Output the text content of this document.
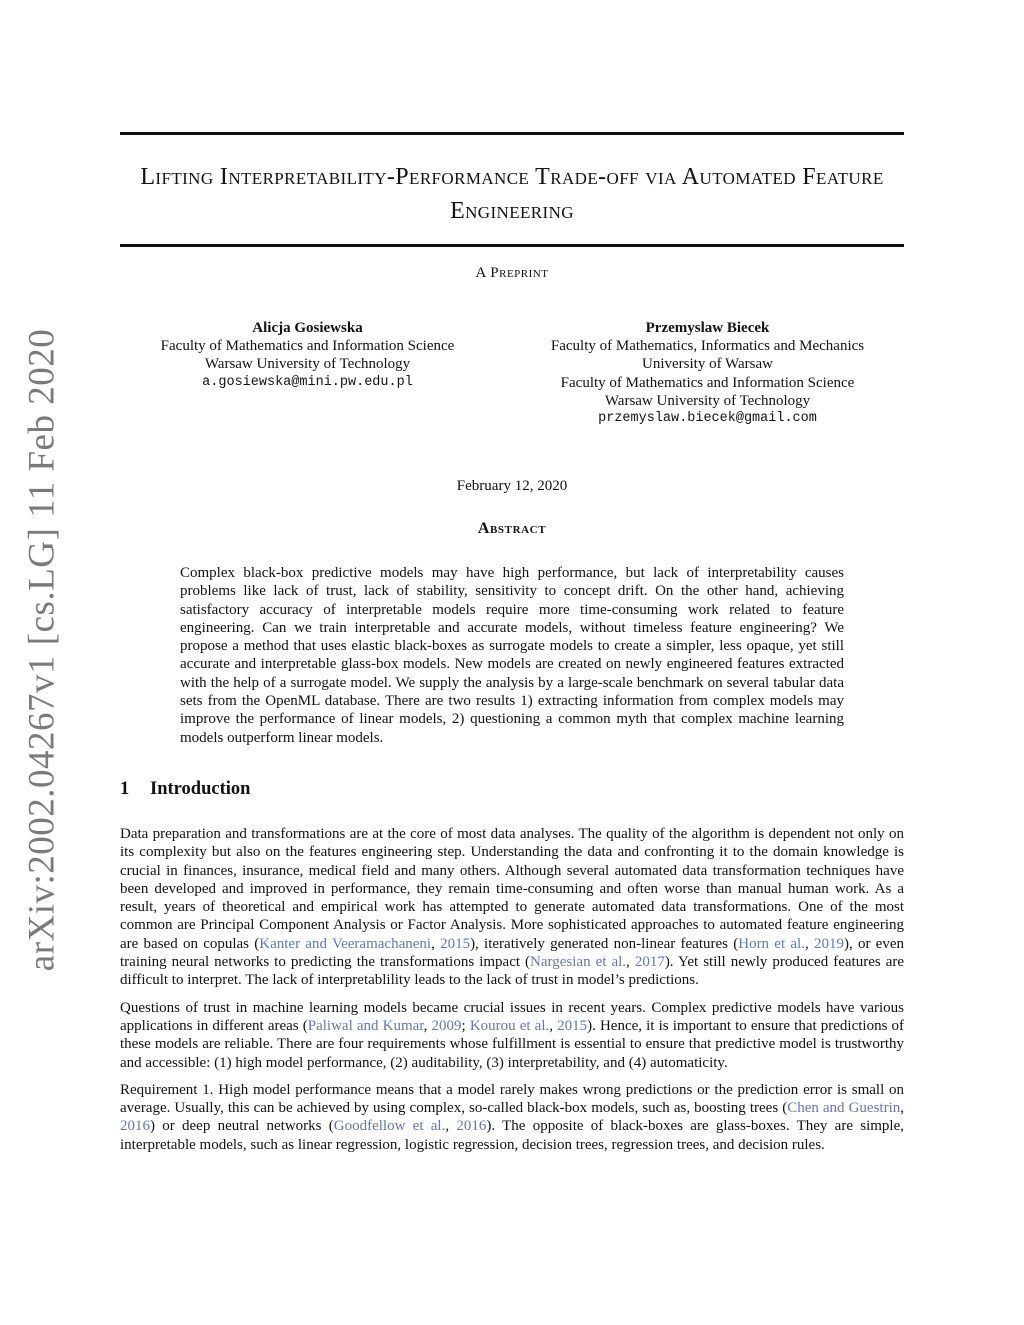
arXiv:2002.04267v1 [cs.LG] 11 Feb 2020
Lifting Interpretability-Performance Trade-off via Automated Feature Engineering
A Preprint
Alicja Gosiewska
Faculty of Mathematics and Information Science
Warsaw University of Technology
a.gosiewska@mini.pw.edu.pl
Przemyslaw Biecek
Faculty of Mathematics, Informatics and Mechanics
University of Warsaw
Faculty of Mathematics and Information Science
Warsaw University of Technology
przemyslaw.biecek@gmail.com
February 12, 2020
Abstract

Complex black-box predictive models may have high performance, but lack of interpretability causes problems like lack of trust, lack of stability, sensitivity to concept drift. On the other hand, achieving satisfactory accuracy of interpretable models require more time-consuming work related to feature engineering. Can we train interpretable and accurate models, without timeless feature engineering? We propose a method that uses elastic black-boxes as surrogate models to create a simpler, less opaque, yet still accurate and interpretable glass-box models. New models are created on newly engineered features extracted with the help of a surrogate model. We supply the analysis by a large-scale benchmark on several tabular data sets from the OpenML database. There are two results 1) extracting information from complex models may improve the performance of linear models, 2) questioning a common myth that complex machine learning models outperform linear models.

1 Introduction

Data preparation and transformations are at the core of most data analyses. The quality of the algorithm is dependent not only on its complexity but also on the features engineering step. Understanding the data and confronting it to the domain knowledge is crucial in finances, insurance, medical field and many others. Although several automated data transformation techniques have been developed and improved in performance, they remain time-consuming and often worse than manual human work. As a result, years of theoretical and empirical work has attempted to generate automated data transformations. One of the most common are Principal Component Analysis or Factor Analysis. More sophisticated approaches to automated feature engineering are based on copulas (Kanter and Veeramachaneni, 2015), iteratively generated non-linear features (Horn et al., 2019), or even training neural networks to predicting the transformations impact (Nargesian et al., 2017). Yet still newly produced features are difficult to interpret. The lack of interpretablility leads to the lack of trust in model’s predictions.

Questions of trust in machine learning models became crucial issues in recent years. Complex predictive models have various applications in different areas (Paliwal and Kumar, 2009; Kourou et al., 2015). Hence, it is important to ensure that predictions of these models are reliable. There are four requirements whose fulfillment is essential to ensure that predictive model is trustworthy and accessible: (1) high model performance, (2) auditability, (3) interpretability, and (4) automaticity.

Requirement 1. High model performance means that a model rarely makes wrong predictions or the prediction error is small on average. Usually, this can be achieved by using complex, so-called black-box models, such as, boosting trees (Chen and Guestrin, 2016) or deep neutral networks (Goodfellow et al., 2016). The opposite of black-boxes are glass-boxes. They are simple, interpretable models, such as linear regression, logistic regression, decision trees, regression trees, and decision rules.
